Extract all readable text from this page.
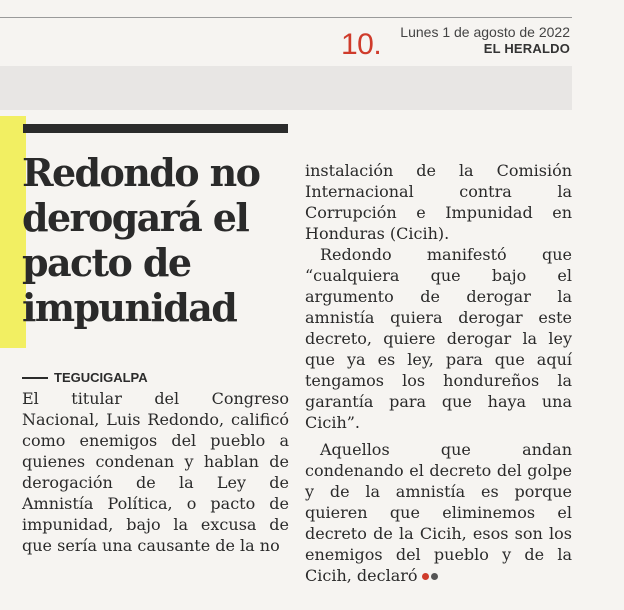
10. Lunes 1 de agosto de 2022
EL HERALDO
Redondo no derogará el pacto de impunidad
TEGUCIGALPA

El titular del Congreso Nacional, Luis Redondo, calificó como enemigos del pueblo a quienes condenan y hablan de derogación de la Ley de Amnistía Política, o pacto de impunidad, bajo la excusa de que sería una causante de la no

instalación de la Comisión Internacional contra la Corrupción e Impunidad en Honduras (Cicih).

Redondo manifestó que “cualquiera que bajo el argumento de derogar la amnistía quiera derogar este decreto, quiere derogar la ley que ya es ley, para que aquí tengamos los hondureños la garantía para que haya una Cicih”.

Aquellos que andan condenando el decreto del golpe y de la amnistía es porque quieren que eliminemos el decreto de la Cicih, esos son los enemigos del pueblo y de la Cicih, declaró
